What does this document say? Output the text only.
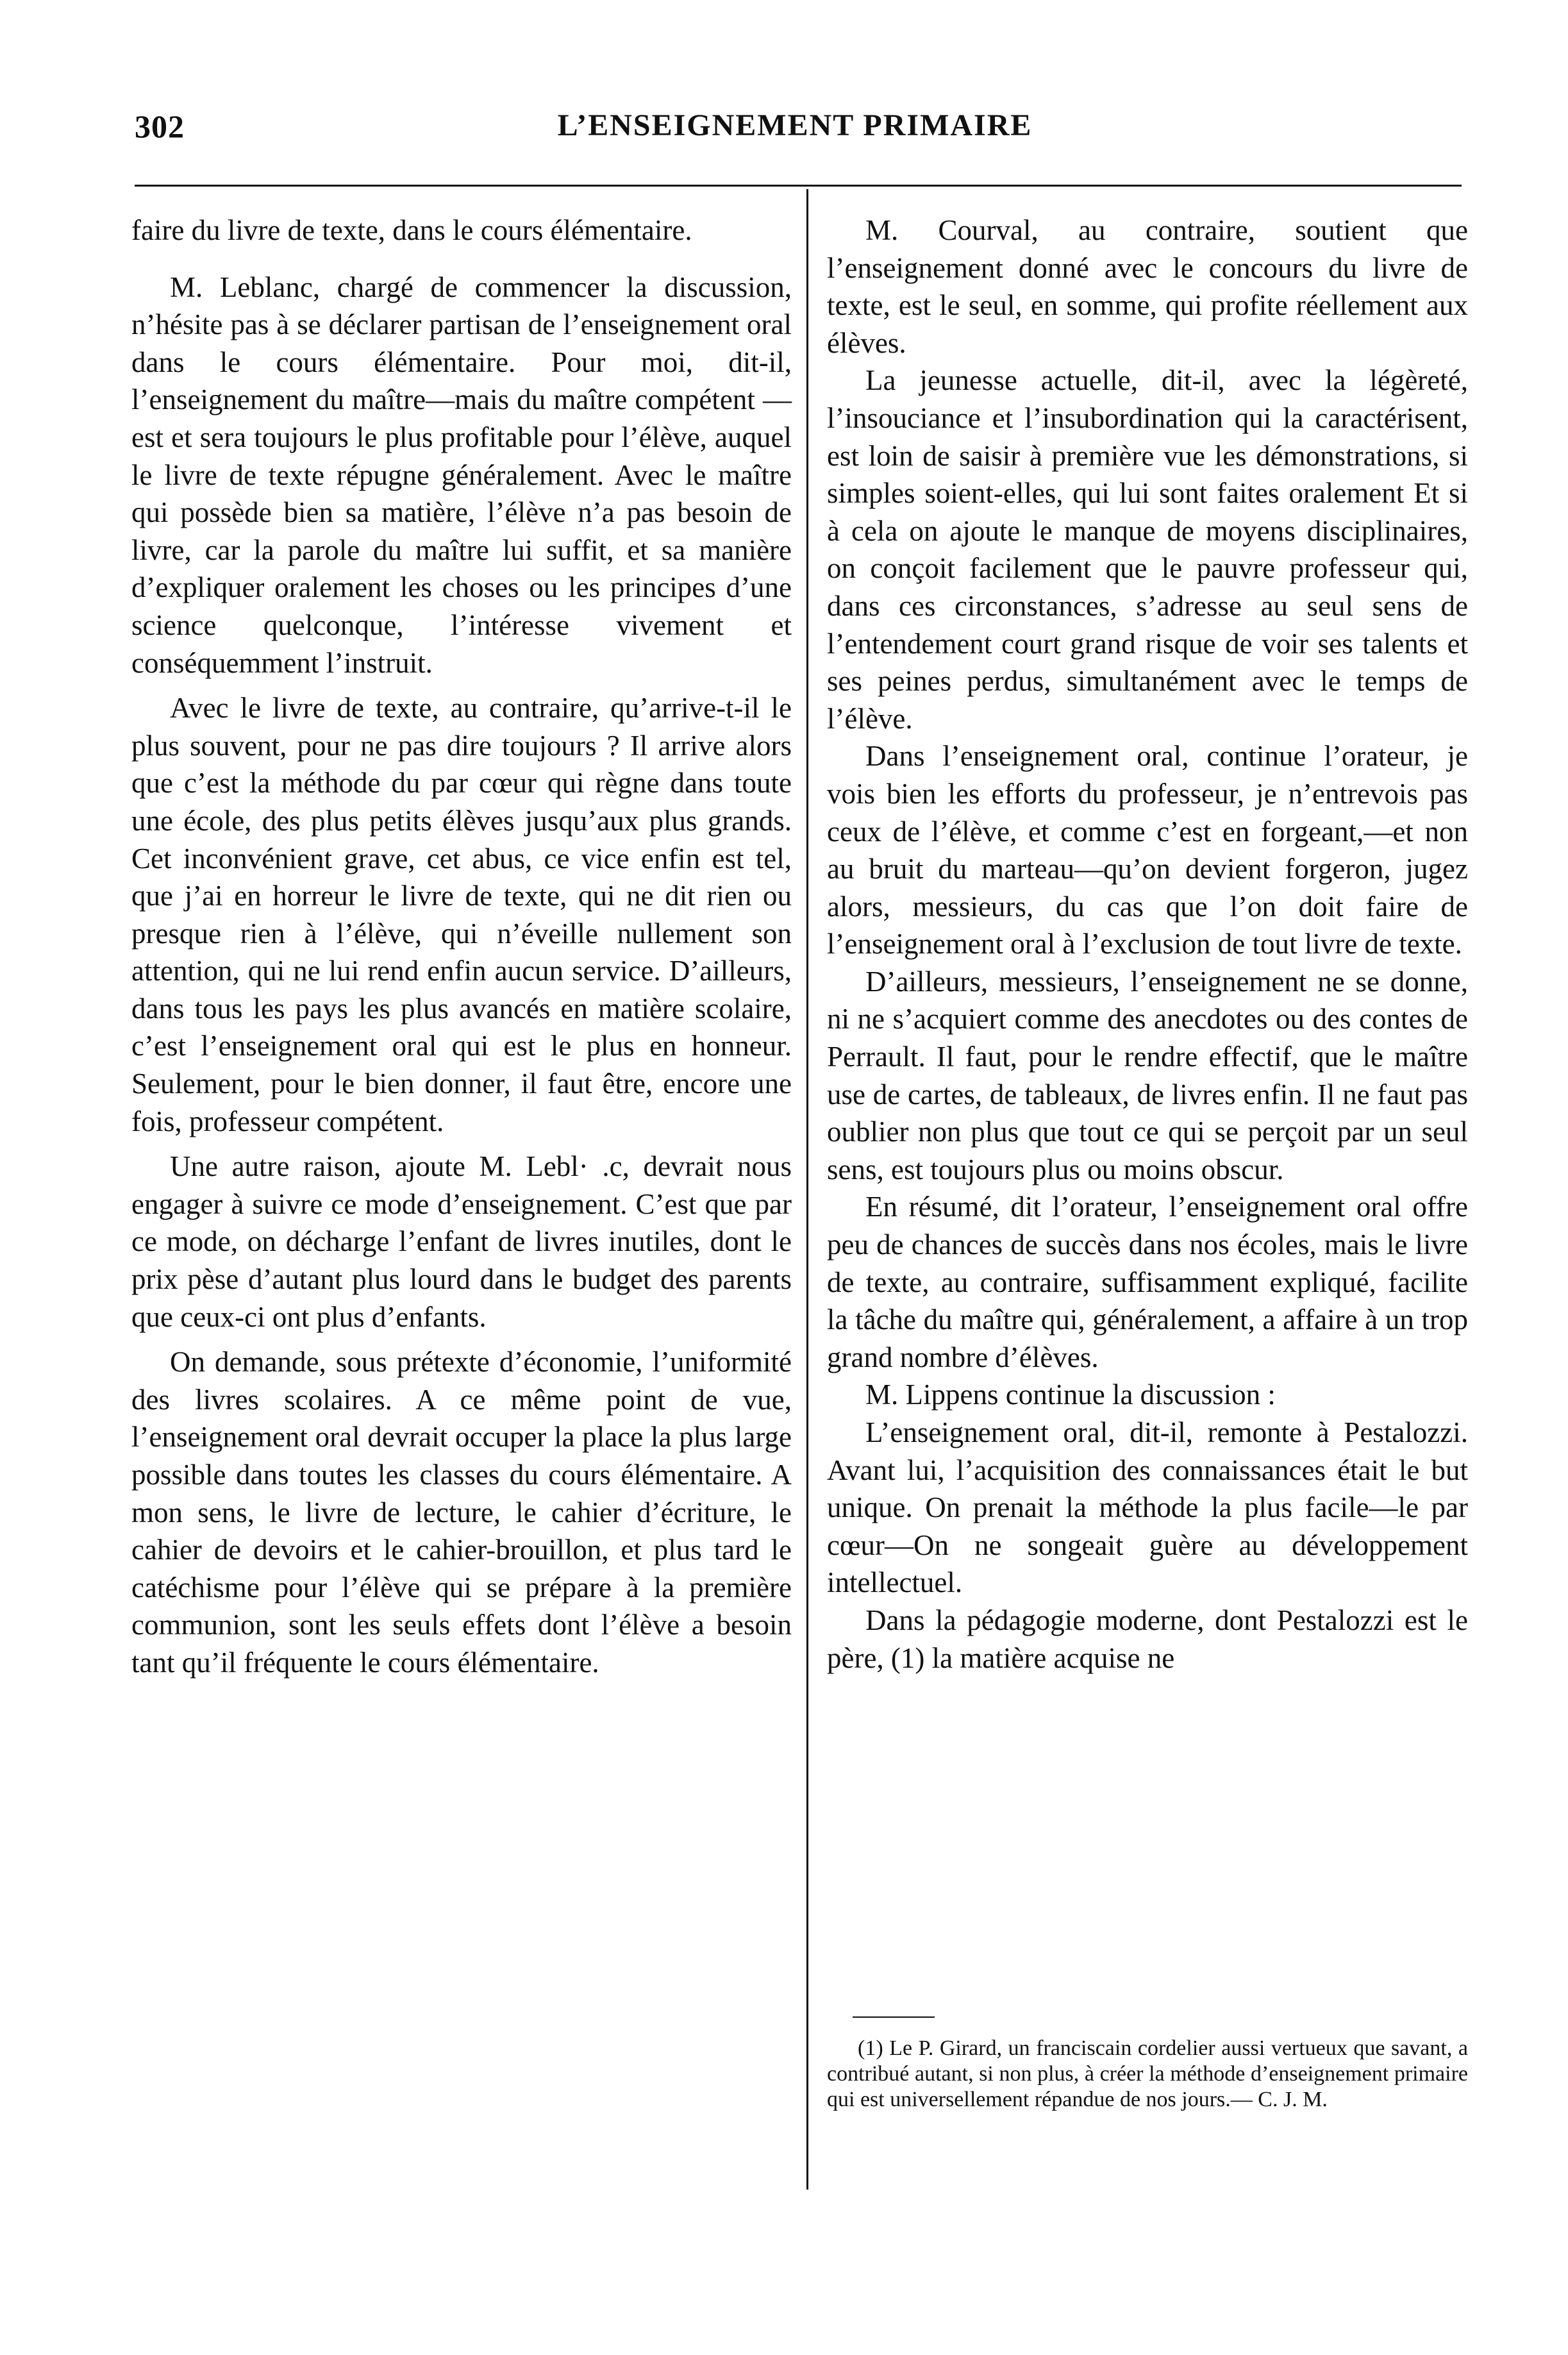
302	L’ENSEIGNEMENT PRIMAIRE

faire du livre de texte, dans le cours élémentaire.

M. Leblanc, chargé de commencer la discussion, n’hésite pas à se déclarer partisan de l’enseignement oral dans le cours élémentaire. Pour moi, dit-il, l’enseignement du maître—mais du maître compétent —est et sera toujours le plus profitable pour l’élève, auquel le livre de texte répugne généralement. Avec le maître qui possède bien sa matière, l’élève n’a pas besoin de livre, car la parole du maître lui suffit, et sa manière d’expliquer oralement les choses ou les principes d’une science quelconque, l’intéresse vivement et conséquemment l’instruit.

Avec le livre de texte, au contraire, qu’arrive-t-il le plus souvent, pour ne pas dire toujours ? Il arrive alors que c’est la méthode du par cœur qui règne dans toute une école, des plus petits élèves jusqu’aux plus grands. Cet inconvénient grave, cet abus, ce vice enfin est tel, que j’ai en horreur le livre de texte, qui ne dit rien ou presque rien à l’élève, qui n’éveille nullement son attention, qui ne lui rend enfin aucun service. D’ailleurs, dans tous les pays les plus avancés en matière scolaire, c’est l’enseignement oral qui est le plus en honneur. Seulement, pour le bien donner, il faut être, encore une fois, professeur compétent.

Une autre raison, ajoute M. Lebl· .c, devrait nous engager à suivre ce mode d’enseignement. C’est que par ce mode, on décharge l’enfant de livres inutiles, dont le prix pèse d’autant plus lourd dans le budget des parents que ceux-ci ont plus d’enfants.

On demande, sous prétexte d’économie, l’uniformité des livres scolaires. A ce même point de vue, l’enseignement oral devrait occuper la place la plus large possible dans toutes les classes du cours élémentaire. A mon sens, le livre de lecture, le cahier d’écriture, le cahier de devoirs et le cahier-brouillon, et plus tard le catéchisme pour l’élève qui se prépare à la première communion, sont les seuls effets dont l’élève a besoin tant qu’il fréquente le cours élémentaire.

M. Courval, au contraire, soutient que l’enseignement donné avec le concours du livre de texte, est le seul, en somme, qui profite réellement aux élèves.

La jeunesse actuelle, dit-il, avec la légèreté, l’insouciance et l’insubordination qui la caractérisent, est loin de saisir à première vue les démonstrations, si simples soient-elles, qui lui sont faites oralement Et si à cela on ajoute le manque de moyens disciplinaires, on conçoit facilement que le pauvre professeur qui, dans ces circonstances, s’adresse au seul sens de l’entendement court grand risque de voir ses talents et ses peines perdus, simultanément avec le temps de l’élève.

Dans l’enseignement oral, continue l’orateur, je vois bien les efforts du professeur, je n’entrevois pas ceux de l’élève, et comme c’est en forgeant,—et non au bruit du marteau—qu’on devient forgeron, jugez alors, messieurs, du cas que l’on doit faire de l’enseignement oral à l’exclusion de tout livre de texte.

D’ailleurs, messieurs, l’enseignement ne se donne, ni ne s’acquiert comme des anecdotes ou des contes de Perrault. Il faut, pour le rendre effectif, que le maître use de cartes, de tableaux, de livres enfin. Il ne faut pas oublier non plus que tout ce qui se perçoit par un seul sens, est toujours plus ou moins obscur.

En résumé, dit l’orateur, l’enseignement oral offre peu de chances de succès dans nos écoles, mais le livre de texte, au contraire, suffisamment expliqué, facilite la tâche du maître qui, généralement, a affaire à un trop grand nombre d’élèves.

M. Lippens continue la discussion :

L’enseignement oral, dit-il, remonte à Pestalozzi. Avant lui, l’acquisition des connaissances était le but unique. On prenait la méthode la plus facile—le par cœur—On ne songeait guère au développement intellectuel.

Dans la pédagogie moderne, dont Pestalozzi est le père, (1) la matière acquise ne

(1) Le P. Girard, un franciscain cordelier aussi vertueux que savant, a contribué autant, si non plus, à créer la méthode d’enseignement primaire qui est universellement répandue de nos jours.— C. J. M.
